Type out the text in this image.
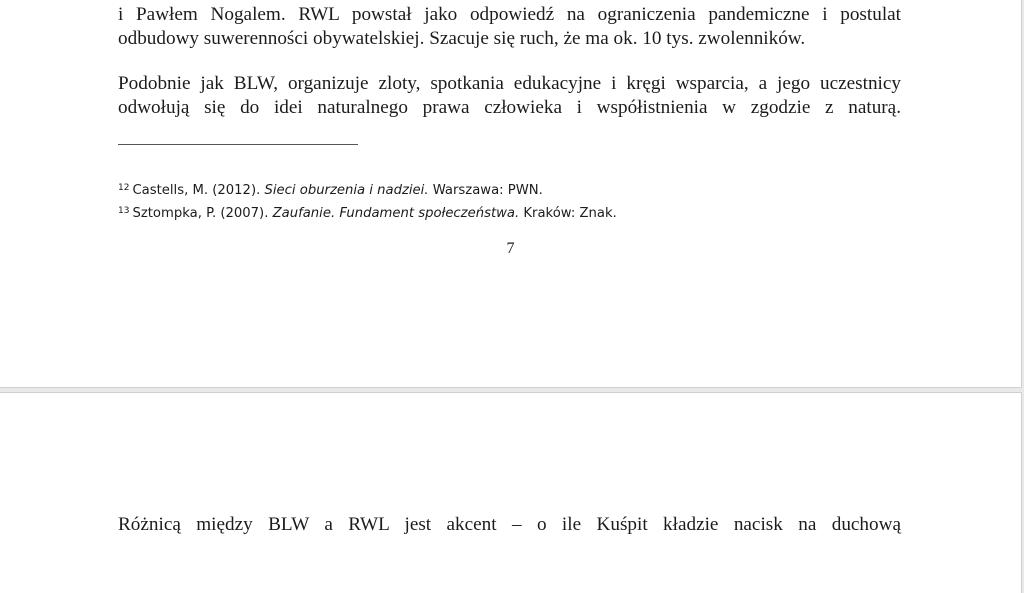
i Pawłem Nogalem. RWL powstał jako odpowiedź na ograniczenia pandemiczne i postulat
odbudowy suwerenności obywatelskiej. Szacuje się ruch, że ma ok. 10 tys. zwolenników.
Podobnie jak BLW, organizuje zloty, spotkania edukacyjne i kręgi wsparcia, a jego uczestnicy
odwołują się do idei naturalnego prawa człowieka i współistnienia w zgodzie z naturą.
$^{12}$ Castells, M. (2012). Sieci oburzenia i nadziei. Warszawa: PWN.
$^{13}$ Sztompka, P. (2007). Zaufanie. Fundament społeczeństwa. Kraków: Znak.
7
Różnicą między BLW a RWL jest akcent – o ile Kuśpit kładzie nacisk na duchową
